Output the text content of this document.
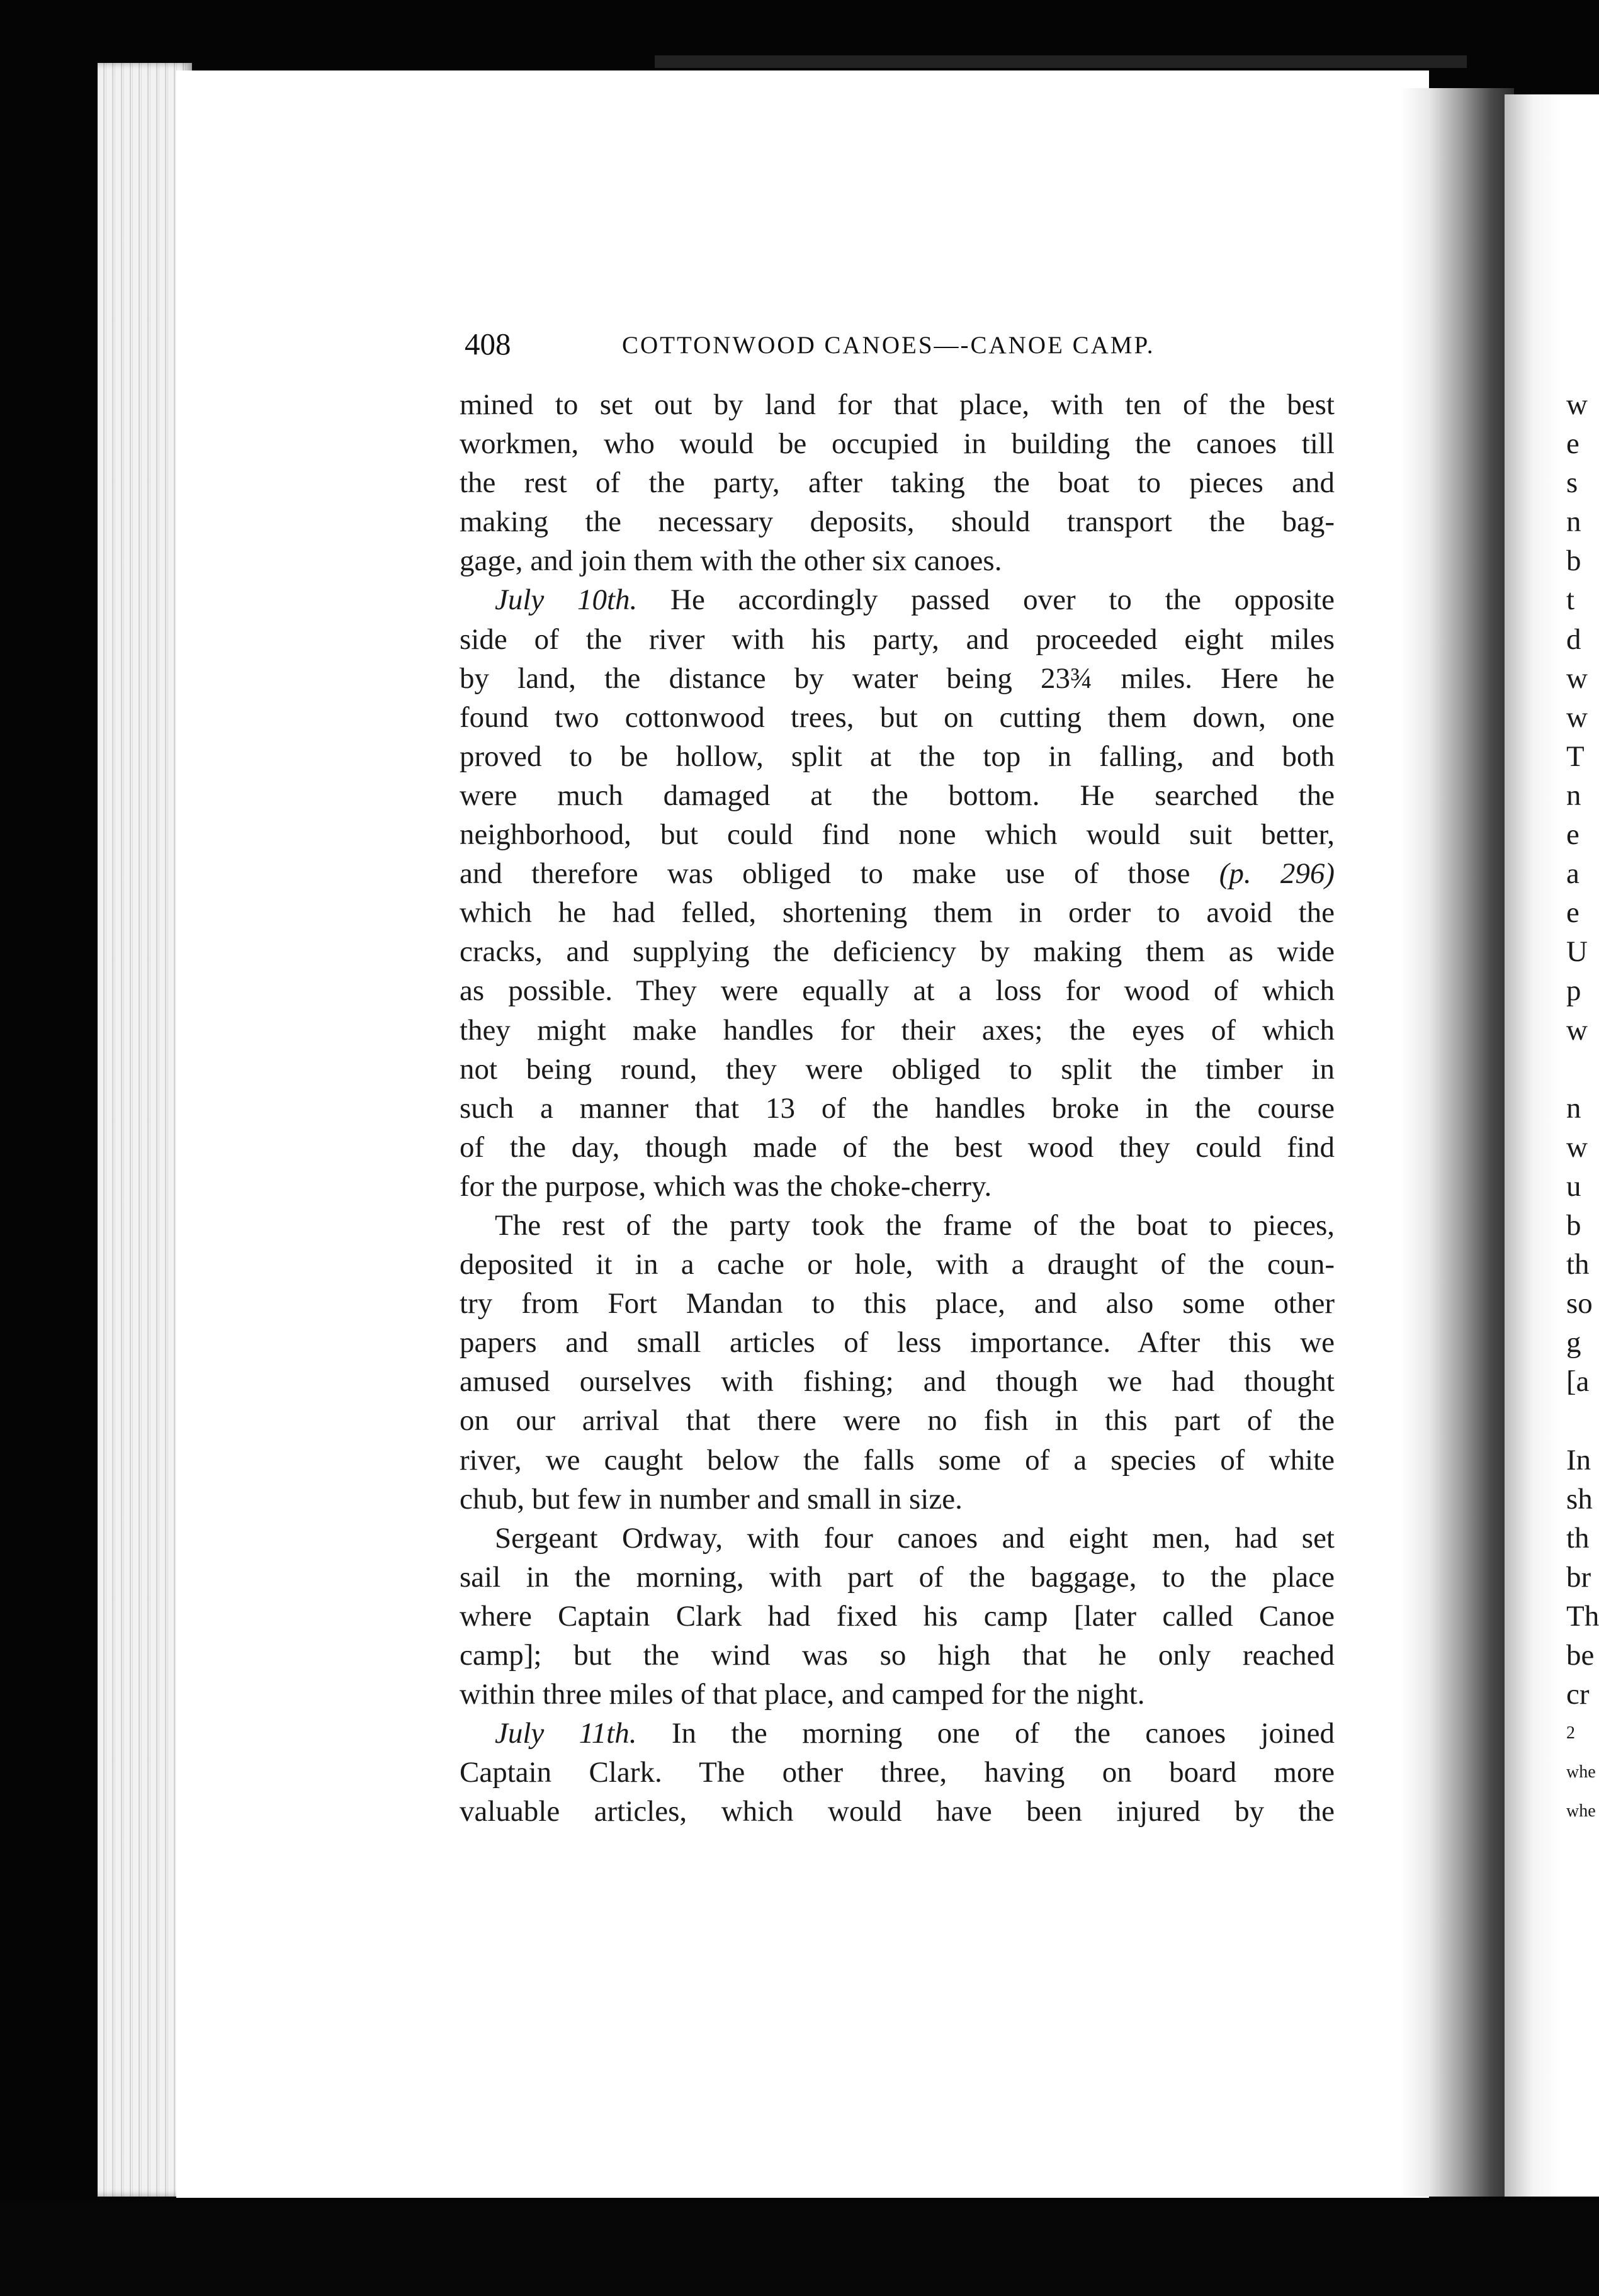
408	COTTONWOOD CANOES—-CANOE CAMP.
mined to set out by land for that place, with ten of the best
workmen, who would be occupied in building the canoes till
the rest of the party, after taking the boat to pieces and
making the necessary deposits, should transport the bag-
gage, and join them with the other six canoes.
July 10th. He accordingly passed over to the opposite
side of the river with his party, and proceeded eight miles
by land, the distance by water being 23¾ miles. Here he
found two cottonwood trees, but on cutting them down, one
proved to be hollow, split at the top in falling, and both
were much damaged at the bottom. He searched the
neighborhood, but could find none which would suit better,
and therefore was obliged to make use of those (p. 296)
which he had felled, shortening them in order to avoid the
cracks, and supplying the deficiency by making them as wide
as possible. They were equally at a loss for wood of which
they might make handles for their axes; the eyes of which
not being round, they were obliged to split the timber in
such a manner that 13 of the handles broke in the course
of the day, though made of the best wood they could find
for the purpose, which was the choke-cherry.
The rest of the party took the frame of the boat to pieces,
deposited it in a cache or hole, with a draught of the coun-
try from Fort Mandan to this place, and also some other
papers and small articles of less importance. After this we
amused ourselves with fishing; and though we had thought
on our arrival that there were no fish in this part of the
river, we caught below the falls some of a species of white
chub, but few in number and small in size.
Sergeant Ordway, with four canoes and eight men, had set
sail in the morning, with part of the baggage, to the place
where Captain Clark had fixed his camp [later called Canoe
camp]; but the wind was so high that he only reached
within three miles of that place, and camped for the night.
July 11th. In the morning one of the canoes joined
Captain Clark. The other three, having on board more
valuable articles, which would have been injured by the
w
e
s
n
b
t
d
w
w
T
n
e
a
e
U
p
w
n
w
u
b
th
so
g
[a
In
sh
th
br
Th
be
cr
2
whe
whe
